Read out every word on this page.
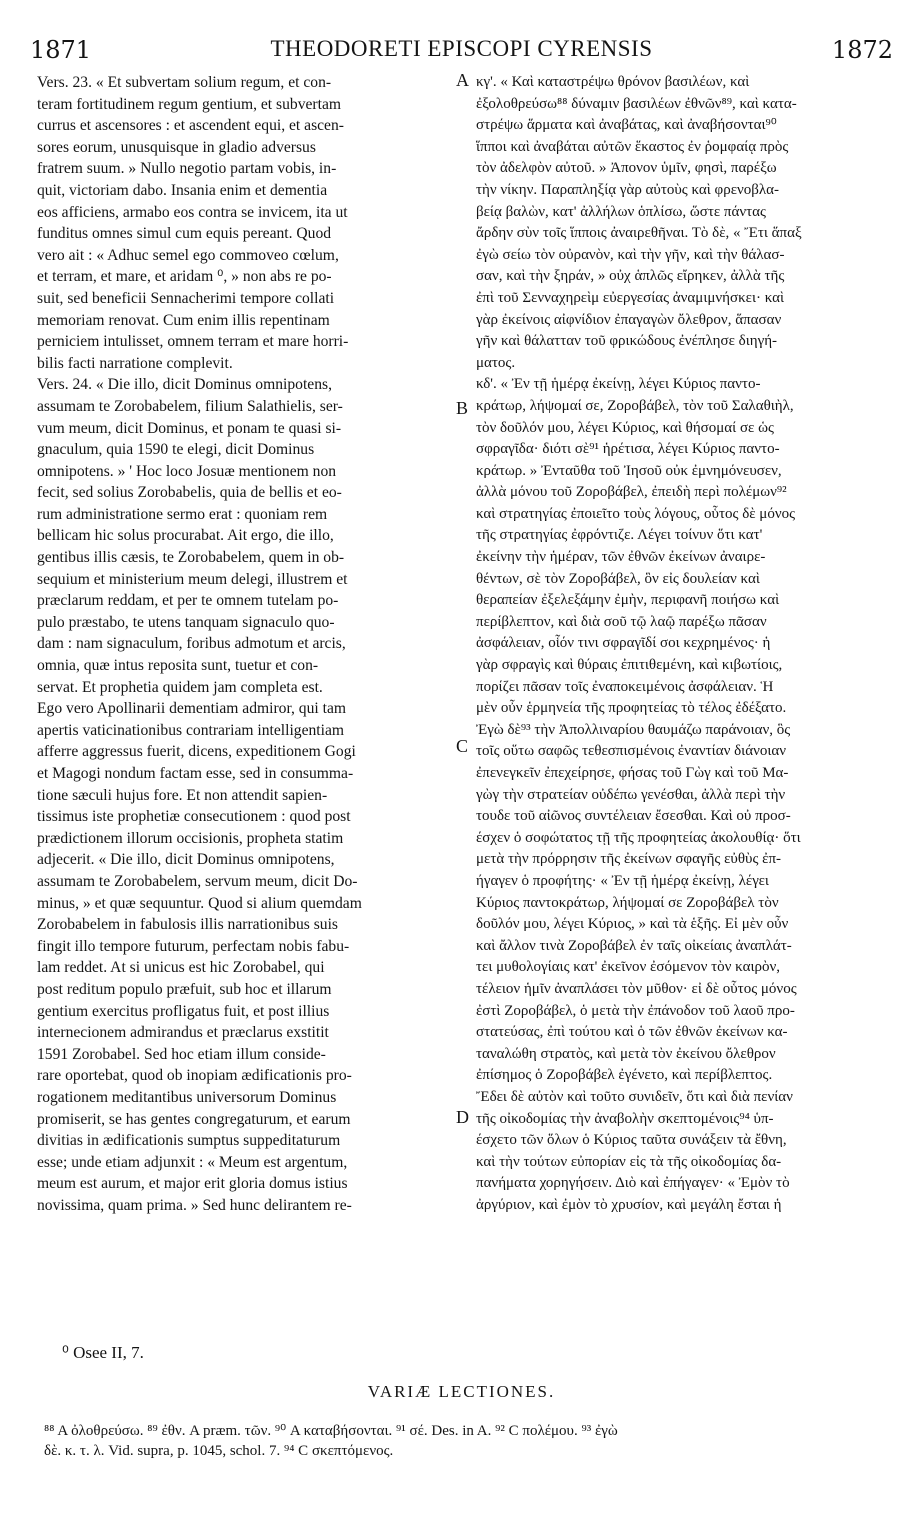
1871	THEODORETI EPISCOPI CYRENSIS	1872
Vers. 23. « Et subvertam solium regum, et con-
teram fortitudinem regum gentium, et subvertam
currus et ascensores : et ascendent equi, et ascen-
sores eorum, unusquisque in gladio adversus
fratrem suum. » Nullo negotio partam vobis, in-
quit, victoriam dabo. Insania enim et dementia
eos afficiens, armabo eos contra se invicem, ita ut
funditus omnes simul cum equis pereant. Quod
vero ait : « Adhuc semel ego commoveo cœlum,
et terram, et mare, et aridam ⁰, » non abs re po-
suit, sed beneficii Sennacherimi tempore collati
memoriam renovat. Cum enim illis repentinam
perniciem intulisset, omnem terram et mare horri-
bilis facti narratione complevit.
Vers. 24. « Die illo, dicit Dominus omnipotens,
assumam te Zorobabelem, filium Salathielis, ser-
vum meum, dicit Dominus, et ponam te quasi si-
gnaculum, quia 1590 te elegi, dicit Dominus
omnipotens. » ' Hoc loco Josuæ mentionem non
fecit, sed solius Zorobabelis, quia de bellis et eo-
rum administratione sermo erat : quoniam rem
bellicam hic solus procurabat. Ait ergo, die illo,
gentibus illis cæsis, te Zorobabelem, quem in ob-
sequium et ministerium meum delegi, illustrem et
præclarum reddam, et per te omnem tutelam po-
pulo præstabo, te utens tanquam signaculo quo-
dam : nam signaculum, foribus admotum et arcis,
omnia, quæ intus reposita sunt, tuetur et con-
servat. Et prophetia quidem jam completa est.
Ego vero Apollinarii dementiam admiror, qui tam
apertis vaticinationibus contrariam intelligentiam
afferre aggressus fuerit, dicens, expeditionem Gogi
et Magogi nondum factam esse, sed in consumma-
tione sæculi hujus fore. Et non attendit sapien-
tissimus iste prophetiæ consecutionem : quod post
prædictionem illorum occisionis, propheta statim
adjecerit. « Die illo, dicit Dominus omnipotens,
assumam te Zorobabelem, servum meum, dicit Do-
minus, » et quæ sequuntur. Quod si alium quemdam
Zorobabelem in fabulosis illis narrationibus suis
fingit illo tempore futurum, perfectam nobis fabu-
lam reddet. At si unicus est hic Zorobabel, qui
post reditum populo præfuit, sub hoc et illarum
gentium exercitus profligatus fuit, et post illius
internecionem admirandus et præclarus exstitit
1591 Zorobabel. Sed hoc etiam illum conside-
rare oportebat, quod ob inopiam ædificationis pro-
rogationem meditantibus universorum Dominus
promiserit, se has gentes congregaturum, et earum
divitias in ædificationis sumptus suppeditaturum
esse; unde etiam adjunxit : « Meum est argentum,
meum est aurum, et major erit gloria domus istius
novissima, quam prima. » Sed hunc delirantem re-
κγ'. « Καὶ καταστρέψω θρόνον βασιλέων, καὶ
ἐξολοθρεύσω⁸⁸ δύναμιν βασιλέων ἐθνῶν⁸⁹, καὶ κατα-
στρέψω ἅρματα καὶ ἀναβάτας, καὶ ἀναβήσονται⁹⁰
ἵπποι καὶ ἀναβάται αὐτῶν ἕκαστος ἐν ῥομφαίᾳ πρὸς
τὸν ἀδελφὸν αὐτοῦ. » Ἀπονον ὑμῖν, φησὶ, παρέξω
τὴν νίκην. Παραπληξίᾳ γὰρ αὐτοὺς καὶ φρενοβλα-
βείᾳ βαλὼν, κατ' ἀλλήλων ὁπλίσω, ὥστε πάντας
ἄρδην σὺν τοῖς ἵπποις ἀναιρεθῆναι. Τὸ δὲ, « Ἔτι ἅπαξ
ἐγὼ σείω τὸν οὐρανὸν, καὶ τὴν γῆν, καὶ τὴν θάλασ-
σαν, καὶ τὴν ξηράν, » οὐχ ἁπλῶς εἴρηκεν, ἀλλὰ τῆς
ἐπὶ τοῦ Σενναχηρεὶμ εὐεργεσίας ἀναμιμνήσκει· καὶ
γὰρ ἐκείνοις αἰφνίδιον ἐπαγαγὼν ὄλεθρον, ἅπασαν
γῆν καὶ θάλατταν τοῦ φρικώδους ἐνέπλησε διηγή-
ματος.
κδ'. « Ἐν τῇ ἡμέρᾳ ἐκείνῃ, λέγει Κύριος παντο-
κράτωρ, λήψομαί σε, Ζοροβάβελ, τὸν τοῦ Σαλαθιὴλ,
τὸν δοῦλόν μου, λέγει Κύριος, καὶ θήσομαί σε ὡς
σφραγῖδα· διότι σὲ⁹¹ ἡρέτισα, λέγει Κύριος παντο-
κράτωρ. » Ἐνταῦθα τοῦ Ἰησοῦ οὐκ ἐμνημόνευσεν,
ἀλλὰ μόνου τοῦ Ζοροβάβελ, ἐπειδὴ περὶ πολέμων⁹²
καὶ στρατηγίας ἐποιεῖτο τοὺς λόγους, οὗτος δὲ μόνος
τῆς στρατηγίας ἐφρόντιζε. Λέγει τοίνυν ὅτι κατ'
ἐκείνην τὴν ἡμέραν, τῶν ἐθνῶν ἐκείνων ἀναιρε-
θέντων, σὲ τὸν Ζοροβάβελ, ὃν εἰς δουλείαν καὶ
θεραπείαν ἐξελεξάμην ἐμὴν, περιφανῆ ποιήσω καὶ
περίβλεπτον, καὶ διὰ σοῦ τῷ λαῷ παρέξω πᾶσαν
ἀσφάλειαν, οἷόν τινι σφραγῖδί σοι κεχρημένος· ἡ
γὰρ σφραγὶς καὶ θύραις ἐπιτιθεμένη, καὶ κιβωτίοις,
πορίζει πᾶσαν τοῖς ἐναποκειμένοις ἀσφάλειαν. Ἡ
μὲν οὖν ἑρμηνεία τῆς προφητείας τὸ τέλος ἐδέξατο.
Ἐγὼ δὲ⁹³ τὴν Ἀπολλιναρίου θαυμάζω παράνοιαν, ὃς
τοῖς οὕτω σαφῶς τεθεσπισμένοις ἐναντίαν διάνοιαν
ἐπενεγκεῖν ἐπεχείρησε, φήσας τοῦ Γὼγ καὶ τοῦ Μα-
γὼγ τὴν στρατείαν οὐδέπω γενέσθαι, ἀλλὰ περὶ τὴν
τουδε τοῦ αἰῶνος συντέλειαν ἔσεσθαι. Καὶ οὐ προσ-
έσχεν ὁ σοφώτατος τῇ τῆς προφητείας ἀκολουθίᾳ· ὅτι
μετὰ τὴν πρόρρησιν τῆς ἐκείνων σφαγῆς εὐθὺς ἐπ-
ήγαγεν ὁ προφήτης· « Ἐν τῇ ἡμέρᾳ ἐκείνῃ, λέγει
Κύριος παντοκράτωρ, λήψομαί σε Ζοροβάβελ τὸν
δοῦλόν μου, λέγει Κύριος, » καὶ τὰ ἑξῆς. Εἰ μὲν οὖν
καὶ ἄλλον τινὰ Ζοροβάβελ ἐν ταῖς οἰκείαις ἀναπλάτ-
τει μυθολογίαις κατ' ἐκεῖνον ἐσόμενον τὸν καιρὸν,
τέλειον ἡμῖν ἀναπλάσει τὸν μῦθον· εἰ δὲ οὗτος μόνος
ἐστὶ Ζοροβάβελ, ὁ μετὰ τὴν ἐπάνοδον τοῦ λαοῦ προ-
στατεύσας, ἐπὶ τούτου καὶ ὁ τῶν ἐθνῶν ἐκείνων κα-
ταναλώθη στρατὸς, καὶ μετὰ τὸν ἐκείνου ὄλεθρον
ἐπίσημος ὁ Ζοροβάβελ ἐγένετο, καὶ περίβλεπτος.
Ἔδει δὲ αὐτὸν καὶ τοῦτο συνιδεῖν, ὅτι καὶ διὰ πενίαν
τῆς οἰκοδομίας τὴν ἀναβολὴν σκεπτομένοις⁹⁴ ὑπ-
έσχετο τῶν ὅλων ὁ Κύριος ταῦτα συνάξειν τὰ ἔθνη,
καὶ τὴν τούτων εὐπορίαν εἰς τὰ τῆς οἰκοδομίας δα-
πανήματα χορηγήσειν. Διὸ καὶ ἐπήγαγεν· « Ἐμὸν τὸ
ἀργύριον, καὶ ἐμὸν τὸ χρυσίον, καὶ μεγάλη ἔσται ἡ
A
B
C
D
⁰ Osee II, 7.
VARIÆ LECTIONES.
⁸⁸ A ὀλοθρεύσω. ⁸⁹ ἐθν. A præm. τῶν. ⁹⁰ A καταβήσονται. ⁹¹ σέ. Des. in A. ⁹² C πολέμου. ⁹³ ἐγὼ
δὲ. κ. τ. λ. Vid. supra, p. 1045, schol. 7. ⁹⁴ C σκεπτόμενος.
